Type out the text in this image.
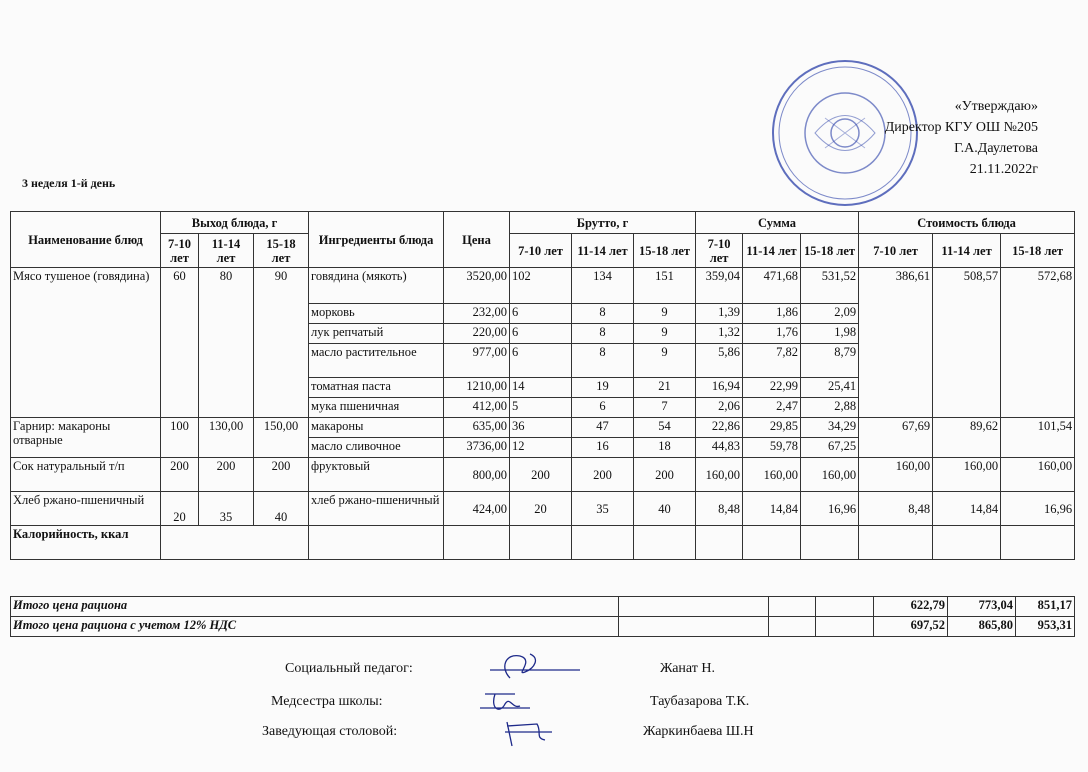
«Утверждаю»
Директор КГУ ОШ №205
Г.А.Даулетова
21.11.2022г
3 неделя 1-й день
Наименование блюд	Выход блюда, г			Ингредиенты блюда	Цена	Брутто, г			Сумма			Стоимость блюда		
	7-10 лет	11-14 лет	15-18 лет			7-10 лет	11-14 лет	15-18 лет	7-10 лет	11-14 лет	15-18 лет	7-10 лет	11-14 лет	15-18 лет
Мясо тушеное (говядина)	60	80	90	говядина (мякоть)	3520,00	102	134	151	359,04	471,68	531,52	386,61	508,57	572,68
				морковь	232,00	6	8	9	1,39	1,86	2,09			
				лук репчатый	220,00	6	8	9	1,32	1,76	1,98			
				масло растительное	977,00	6	8	9	5,86	7,82	8,79			
				томатная паста	1210,00	14	19	21	16,94	22,99	25,41			
				мука пшеничная	412,00	5	6	7	2,06	2,47	2,88			
Гарнир: макароны отварные	100	130,00	150,00	макароны	635,00	36	47	54	22,86	29,85	34,29	67,69	89,62	101,54
				масло сливочное	3736,00	12	16	18	44,83	59,78	67,25			
Сок натуральный т/п	200	200	200	фруктовый	800,00	200	200	200	160,00	160,00	160,00	160,00	160,00	160,00
Хлеб ржано-пшеничный	20	35	40	хлеб ржано-пшеничный	424,00	20	35	40	8,48	14,84	16,96	8,48	14,84	16,96
Калорийность, ккал														
Итого цена рациона				622,79	773,04	851,17
Итого цена рациона с учетом 12% НДС				697,52	865,80	953,31
Социальный педагог:	Жанат Н.
Медсестра школы:	Таубазарова Т.К.
Заведующая столовой:	Жаркинбаева Ш.Н
